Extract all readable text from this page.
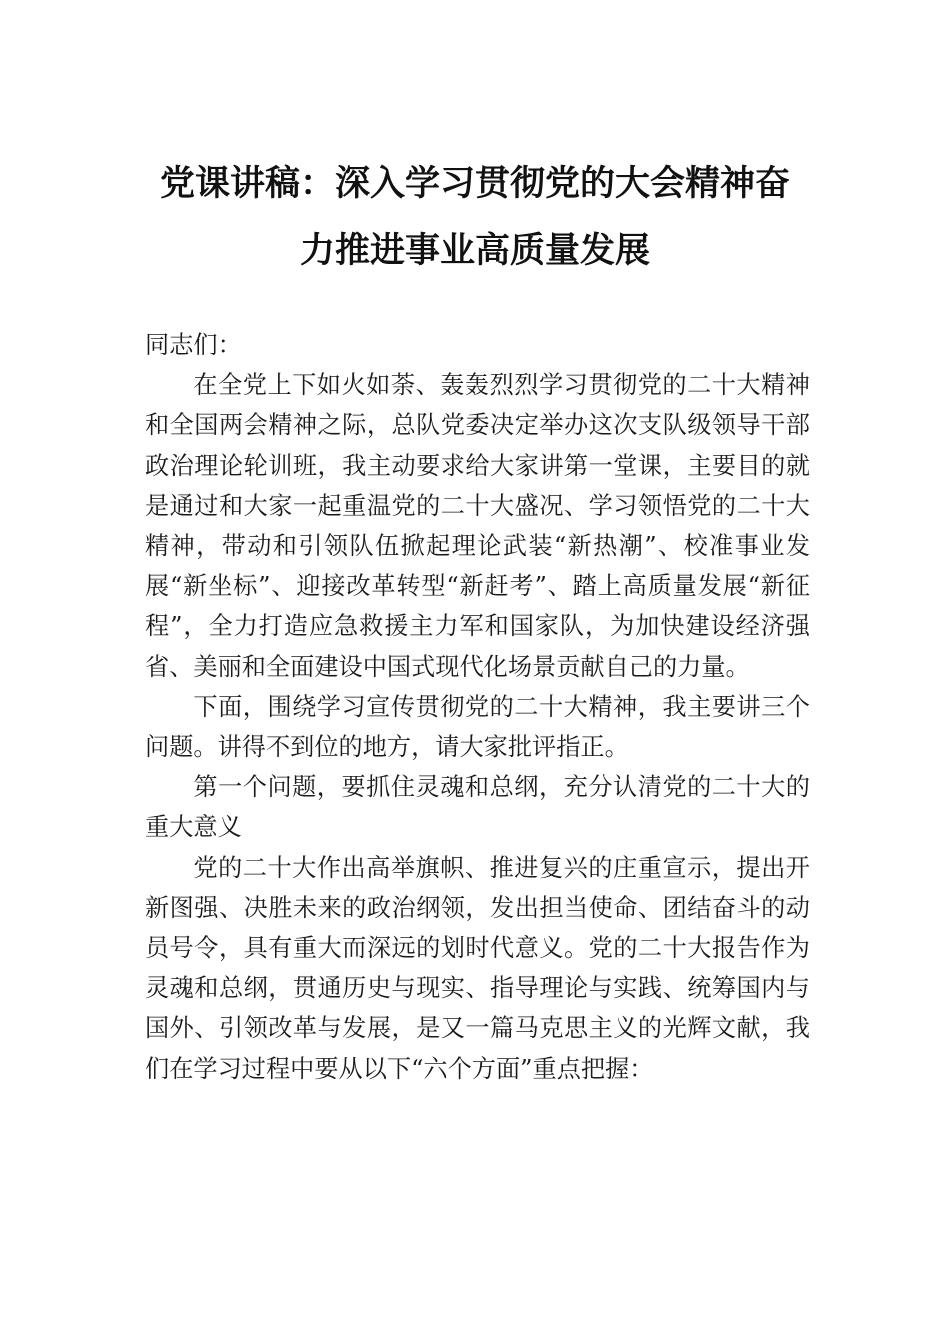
党课讲稿：深入学习贯彻党的大会精神奋
力推进事业高质量发展

同志们：

在全党上下如火如荼、轰轰烈烈学习贯彻党的二十大精神和全国两会精神之际，总队党委决定举办这次支队级领导干部政治理论轮训班，我主动要求给大家讲第一堂课，主要目的就是通过和大家一起重温党的二十大盛况、学习领悟党的二十大精神，带动和引领队伍掀起理论武装“新热潮”、校准事业发展“新坐标”、迎接改革转型“新赶考”、踏上高质量发展“新征程”，全力打造应急救援主力军和国家队，为加快建设经济强省、美丽和全面建设中国式现代化场景贡献自己的力量。

下面，围绕学习宣传贯彻党的二十大精神，我主要讲三个问题。讲得不到位的地方，请大家批评指正。

第一个问题，要抓住灵魂和总纲，充分认清党的二十大的重大意义

党的二十大作出高举旗帜、推进复兴的庄重宣示，提出开新图强、决胜未来的政治纲领，发出担当使命、团结奋斗的动员号令，具有重大而深远的划时代意义。党的二十大报告作为灵魂和总纲，贯通历史与现实、指导理论与实践、统筹国内与国外、引领改革与发展，是又一篇马克思主义的光辉文献，我们在学习过程中要从以下“六个方面”重点把握：
